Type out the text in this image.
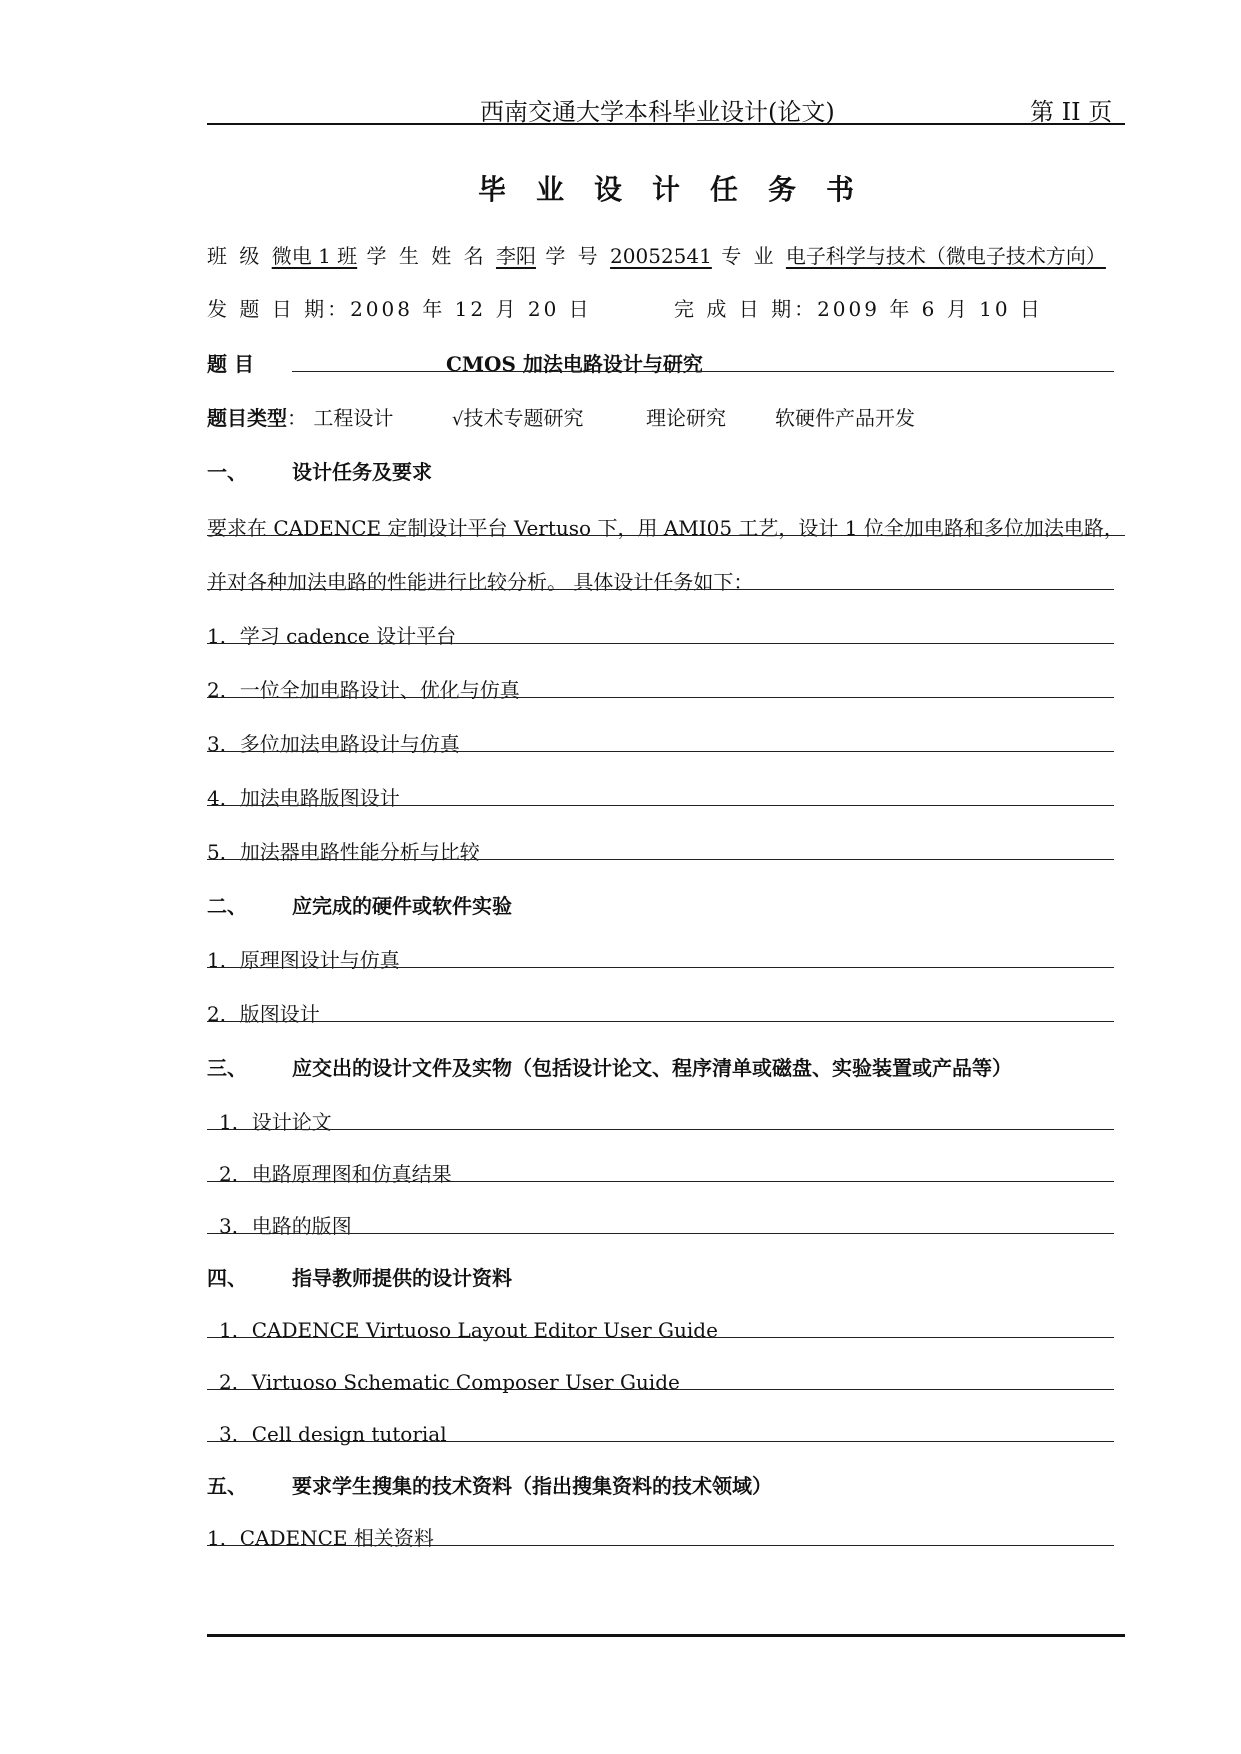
西南交通大学本科毕业设计(论文)	第 II 页
毕业设计任务书
班 级 微电 1 班 学 生 姓 名 李阳 学 号 20052541 专 业 电子科学与技术（微电子技术方向）
发 题 日 期：2008 年 12 月 20 日	完 成 日 期：2009 年 6 月 10 日
题 目	CMOS 加法电路设计与研究
题目类型： 工程设计	√技术专题研究	理论研究 软硬件产品开发
一、 设计任务及要求
要求在 CADENCE 定制设计平台 Vertuso 下，用 AMI05 工艺，设计 1 位全加电路和多位加法电路，
并对各种加法电路的性能进行比较分析。 具体设计任务如下：
1．学习 cadence 设计平台
2．一位全加电路设计、优化与仿真
3．多位加法电路设计与仿真
4．加法电路版图设计
5．加法器电路性能分析与比较
二、 应完成的硬件或软件实验
1．原理图设计与仿真
2．版图设计
三、 应交出的设计文件及实物（包括设计论文、程序清单或磁盘、实验装置或产品等）
1．设计论文
2．电路原理图和仿真结果
3．电路的版图
四、 指导教师提供的设计资料
1．CADENCE Virtuoso Layout Editor User Guide
2．Virtuoso Schematic Composer User Guide
3．Cell design tutorial
五、 要求学生搜集的技术资料（指出搜集资料的技术领域）
1．CADENCE 相关资料
